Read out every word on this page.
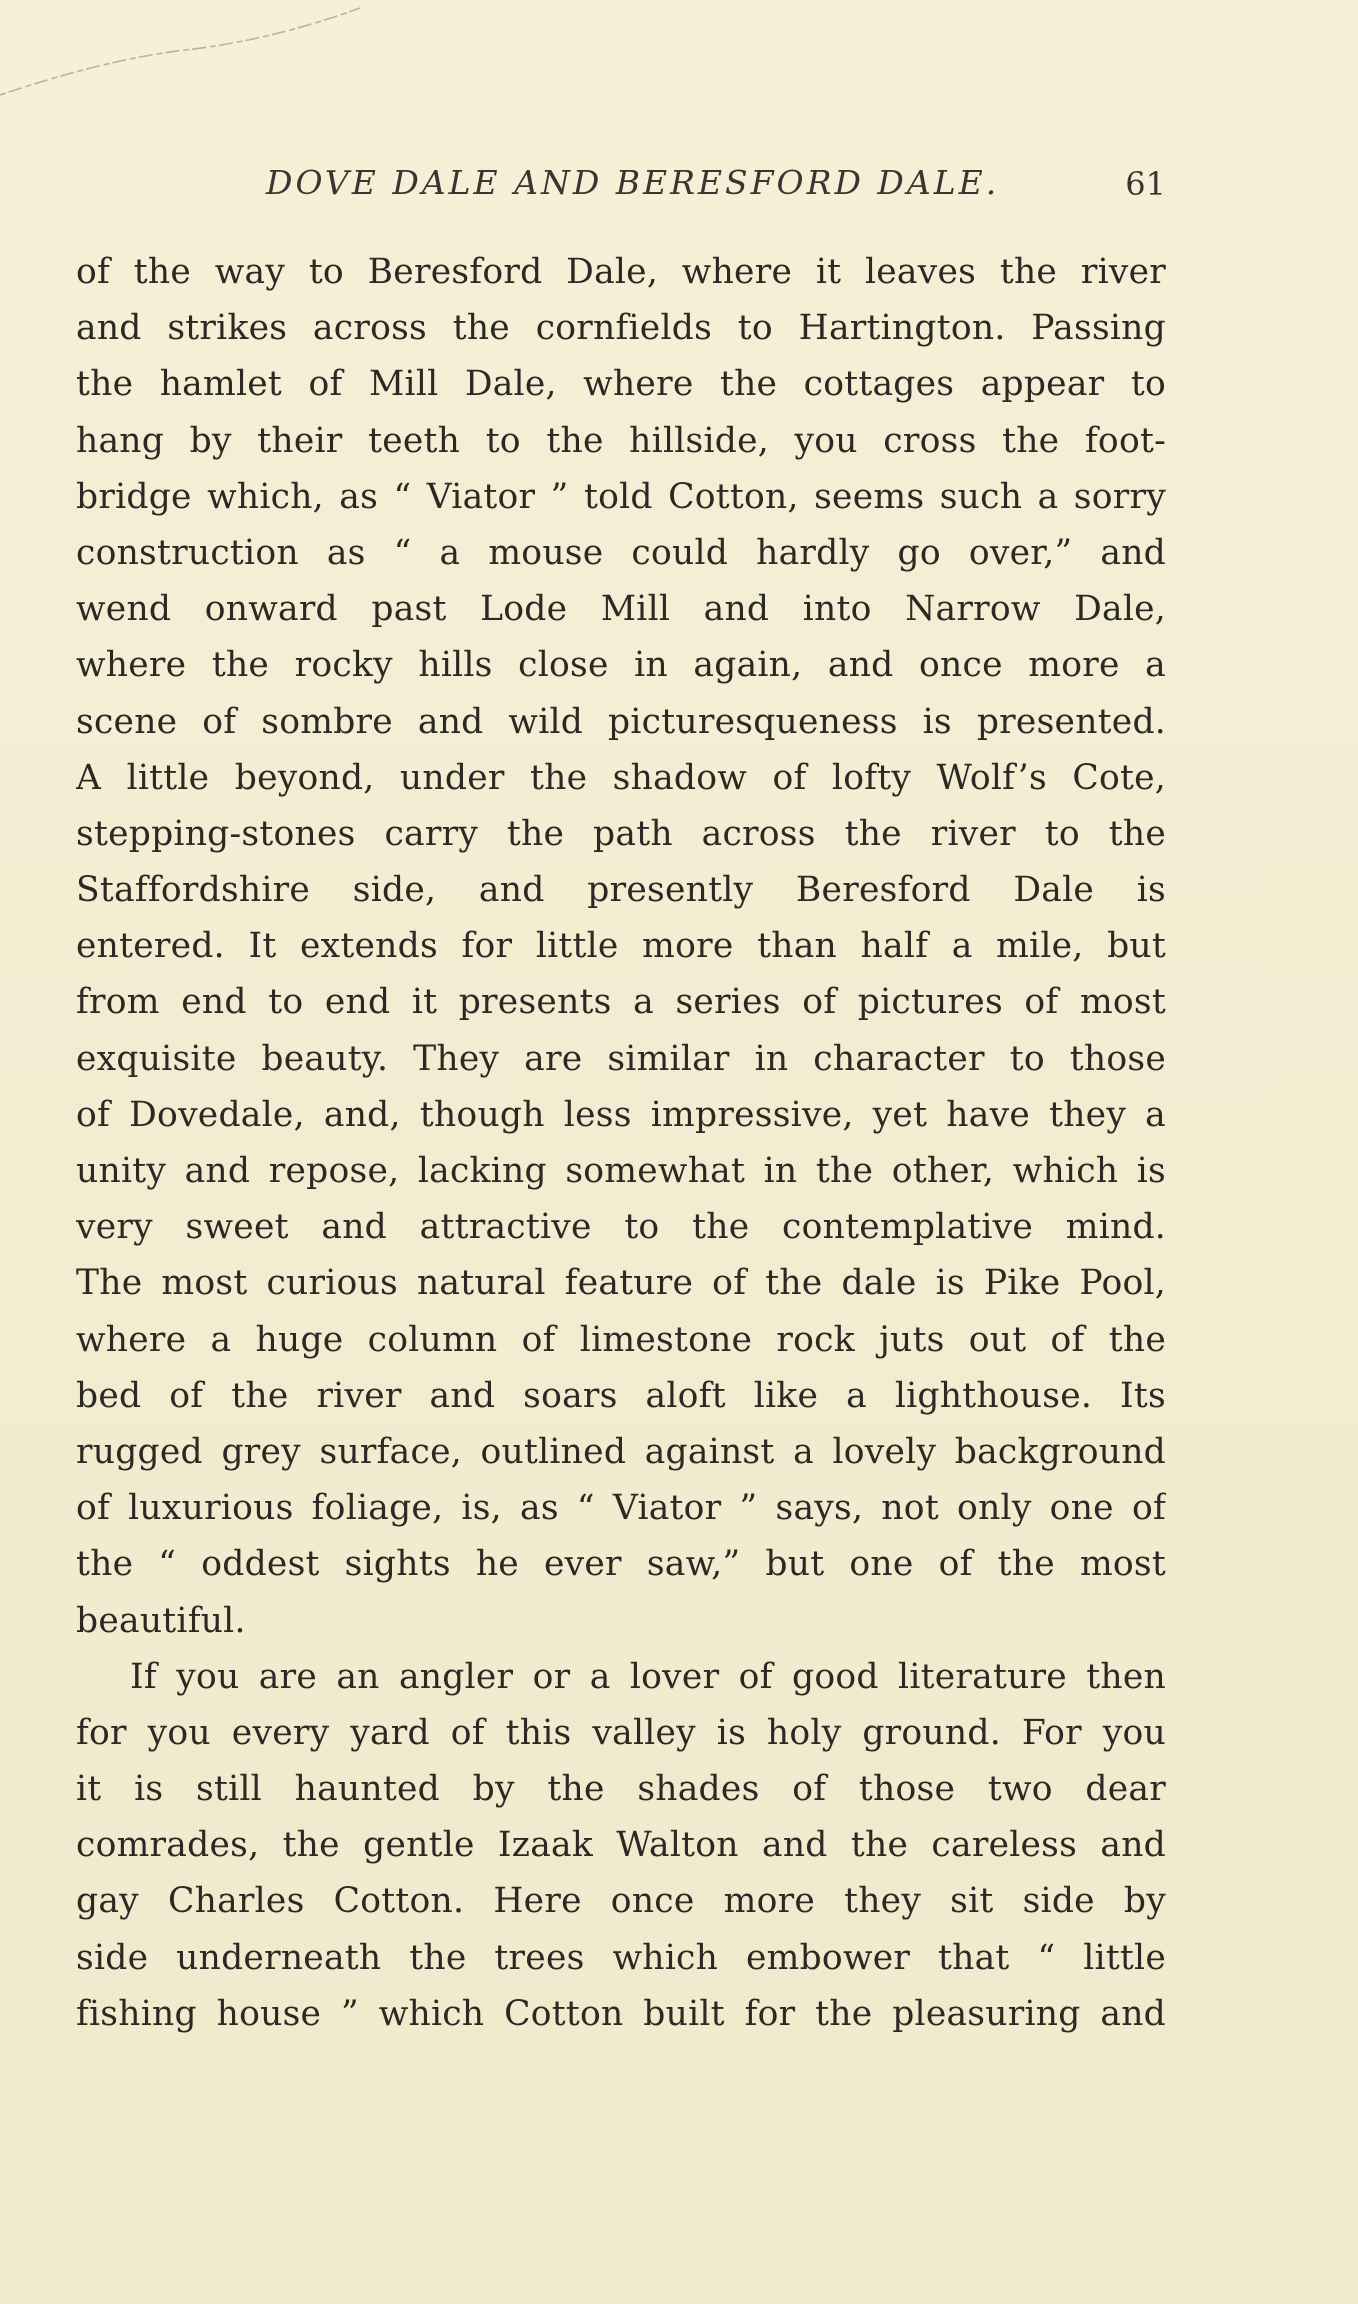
DOVE DALE AND BERESFORD DALE.	61
of the way to Beresford Dale, where it leaves the river
and strikes across the cornfields to Hartington. Passing
the hamlet of Mill Dale, where the cottages appear to
hang by their teeth to the hillside, you cross the foot-
bridge which, as “ Viator ” told Cotton, seems such a sorry
construction as “ a mouse could hardly go over,” and
wend onward past Lode Mill and into Narrow Dale,
where the rocky hills close in again, and once more a
scene of sombre and wild picturesqueness is presented.
A little beyond, under the shadow of lofty Wolf’s Cote,
stepping-stones carry the path across the river to the
Staffordshire side, and presently Beresford Dale is
entered. It extends for little more than half a mile, but
from end to end it presents a series of pictures of most
exquisite beauty. They are similar in character to those
of Dovedale, and, though less impressive, yet have they a
unity and repose, lacking somewhat in the other, which is
very sweet and attractive to the contemplative mind.
The most curious natural feature of the dale is Pike Pool,
where a huge column of limestone rock juts out of the
bed of the river and soars aloft like a lighthouse. Its
rugged grey surface, outlined against a lovely background
of luxurious foliage, is, as “ Viator ” says, not only one of
the “ oddest sights he ever saw,” but one of the most
beautiful.
If you are an angler or a lover of good literature then
for you every yard of this valley is holy ground. For you
it is still haunted by the shades of those two dear
comrades, the gentle Izaak Walton and the careless and
gay Charles Cotton. Here once more they sit side by
side underneath the trees which embower that “ little
fishing house ” which Cotton built for the pleasuring and
